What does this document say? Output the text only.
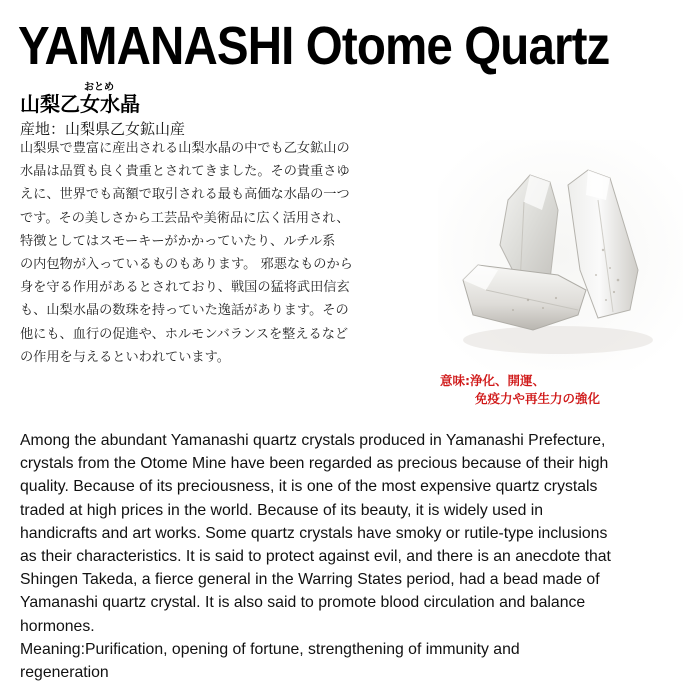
YAMANASHI Otome Quartz
おとめ
山梨乙女水晶
産地：山梨県乙女鉱山産
山梨県で豊富に産出される山梨水晶の中でも乙女鉱山の
水晶は品質も良く貴重とされてきました。その貴重さゆ
えに、世界でも高額で取引される最も高価な水晶の一つ
です。その美しさから工芸品や美術品に広く活用され、
特徴としてはスモーキーがかかっていたり、ルチル系
の内包物が入っているものもあります。 邪悪なものから
身を守る作用があるとされており、戦国の猛将武田信玄
も、山梨水晶の数珠を持っていた逸話があります。その
他にも、血行の促進や、ホルモンバランスを整えるなど
の作用を与えるといわれています。
意味:浄化、開運、
免疫力や再生力の強化
Among the abundant Yamanashi quartz crystals produced in Yamanashi Prefecture,
crystals from the Otome Mine have been regarded as precious because of their high
quality. Because of its preciousness, it is one of the most expensive quartz crystals
traded at high prices in the world. Because of its beauty, it is widely used in
handicrafts and art works. Some quartz crystals have smoky or rutile-type inclusions
as their characteristics. It is said to protect against evil, and there is an anecdote that
Shingen Takeda, a fierce general in the Warring States period, had a bead made of
Yamanashi quartz crystal. It is also said to promote blood circulation and balance
hormones.
Meaning:Purification, opening of fortune, strengthening of immunity and
regeneration
